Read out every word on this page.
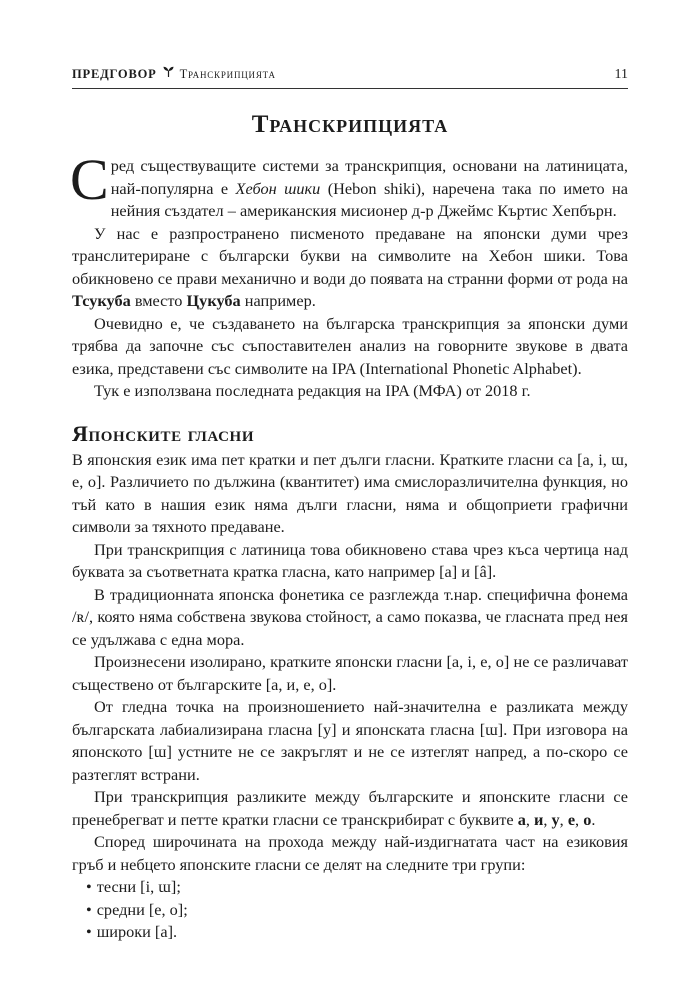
ПРЕДГОВОР Транскрипцията	11
Транскрипцията

Сред съществуващите системи за транскрипция, основани на латиницата, най-популярна е Хебон шики (Hebon shiki), наречена така по името на нейния създател – американския мисионер д-р Джеймс Къртис Хепбърн.

У нас е разпространено писменото предаване на японски думи чрез транслитериране с български букви на символите на Хебон шики. Това обикновено се прави механично и води до появата на странни форми от рода на Тсукуба вместо Цукуба например.

Очевидно е, че създаването на българска транскрипция за японски думи трябва да започне със съпоставителен анализ на говорните звукове в двата езика, представени със символите на IPA (International Phonetic Alphabet).

Тук е използвана последната редакция на IPA (МФА) от 2018 г.

Японските гласни

В японския език има пет кратки и пет дълги гласни. Кратките гласни са [a, i, ɯ, e, o]. Различието по дължина (квантитет) има смислоразличителна функция, но тъй като в нашия език няма дълги гласни, няма и общоприети графични символи за тяхното предаване.

При транскрипция с латиница това обикновено става чрез къса чертица над буквата за съответната кратка гласна, като например [a] и [â].

В традиционната японска фонетика се разглежда т.нар. специфична фонема /ʀ/, която няма собствена звукова стойност, а само показва, че гласната пред нея се удължава с една мора.

Произнесени изолирано, кратките японски гласни [a, i, e, o] не се различават съществено от българските [a, и, e, o].

От гледна точка на произношението най-значителна е разликата между българската лабиализирана гласна [у] и японската гласна [ɯ]. При изговора на японското [ɯ] устните не се закръглят и не се изтеглят напред, а по-скоро се разтеглят встрани.

При транскрипция разликите между българските и японските гласни се пренебрегват и петте кратки гласни се транскрибират с буквите а, и, у, е, о.

Според широчината на прохода между най-издигнатата част на езиковия гръб и небцето японските гласни се делят на следните три групи:

• тесни [i, ɯ];
• средни [e, o];
• широки [a].
